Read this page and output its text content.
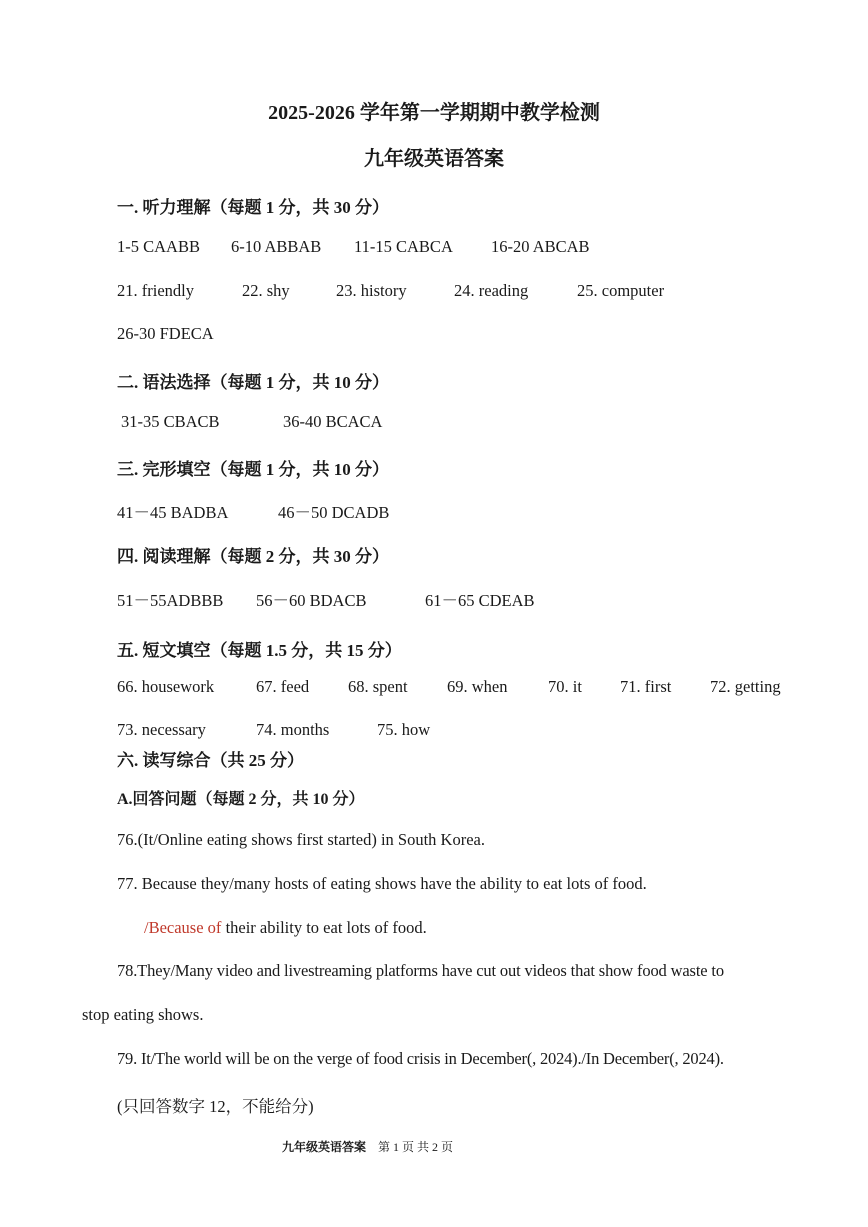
2025-2026 学年第一学期期中教学检测
九年级英语答案
一. 听力理解（每题 1 分，共 30 分）
1-5 CAABB 6-10 ABBAB 11-15 CABCA 16-20 ABCAB
21. friendly	22. shy	23. history	24. reading	25. computer
26-30 FDECA
二. 语法选择（每题 1 分，共 10 分）
31-35 CBACB	36-40 BCACA
三. 完形填空（每题 1 分，共 10 分）
41－45 BADBA	46－50 DCADB
四. 阅读理解（每题 2 分，共 30 分）
51－55ADBBB 56－60 BDACB	61－65 CDEAB
五. 短文填空（每题 1.5 分，共 15 分）
66. housework	67. feed 68. spent 69. when 70. it 71. first 72. getting
73. necessary	74. months	75. how
六. 读写综合（共 25 分）
A.回答问题（每题 2 分，共 10 分）
76.(It/Online eating shows first started) in South Korea.
77. Because they/many hosts of eating shows have the ability to eat lots of food.
/Because of their ability to eat lots of food.
78.They/Many video and livestreaming platforms have cut out videos that show food waste to
stop eating shows.
79. It/The world will be on the verge of food crisis in December(, 2024)./In December(, 2024).
(只回答数字 12，不能给分)
九年级英语答案 第 1 页 共 2 页
